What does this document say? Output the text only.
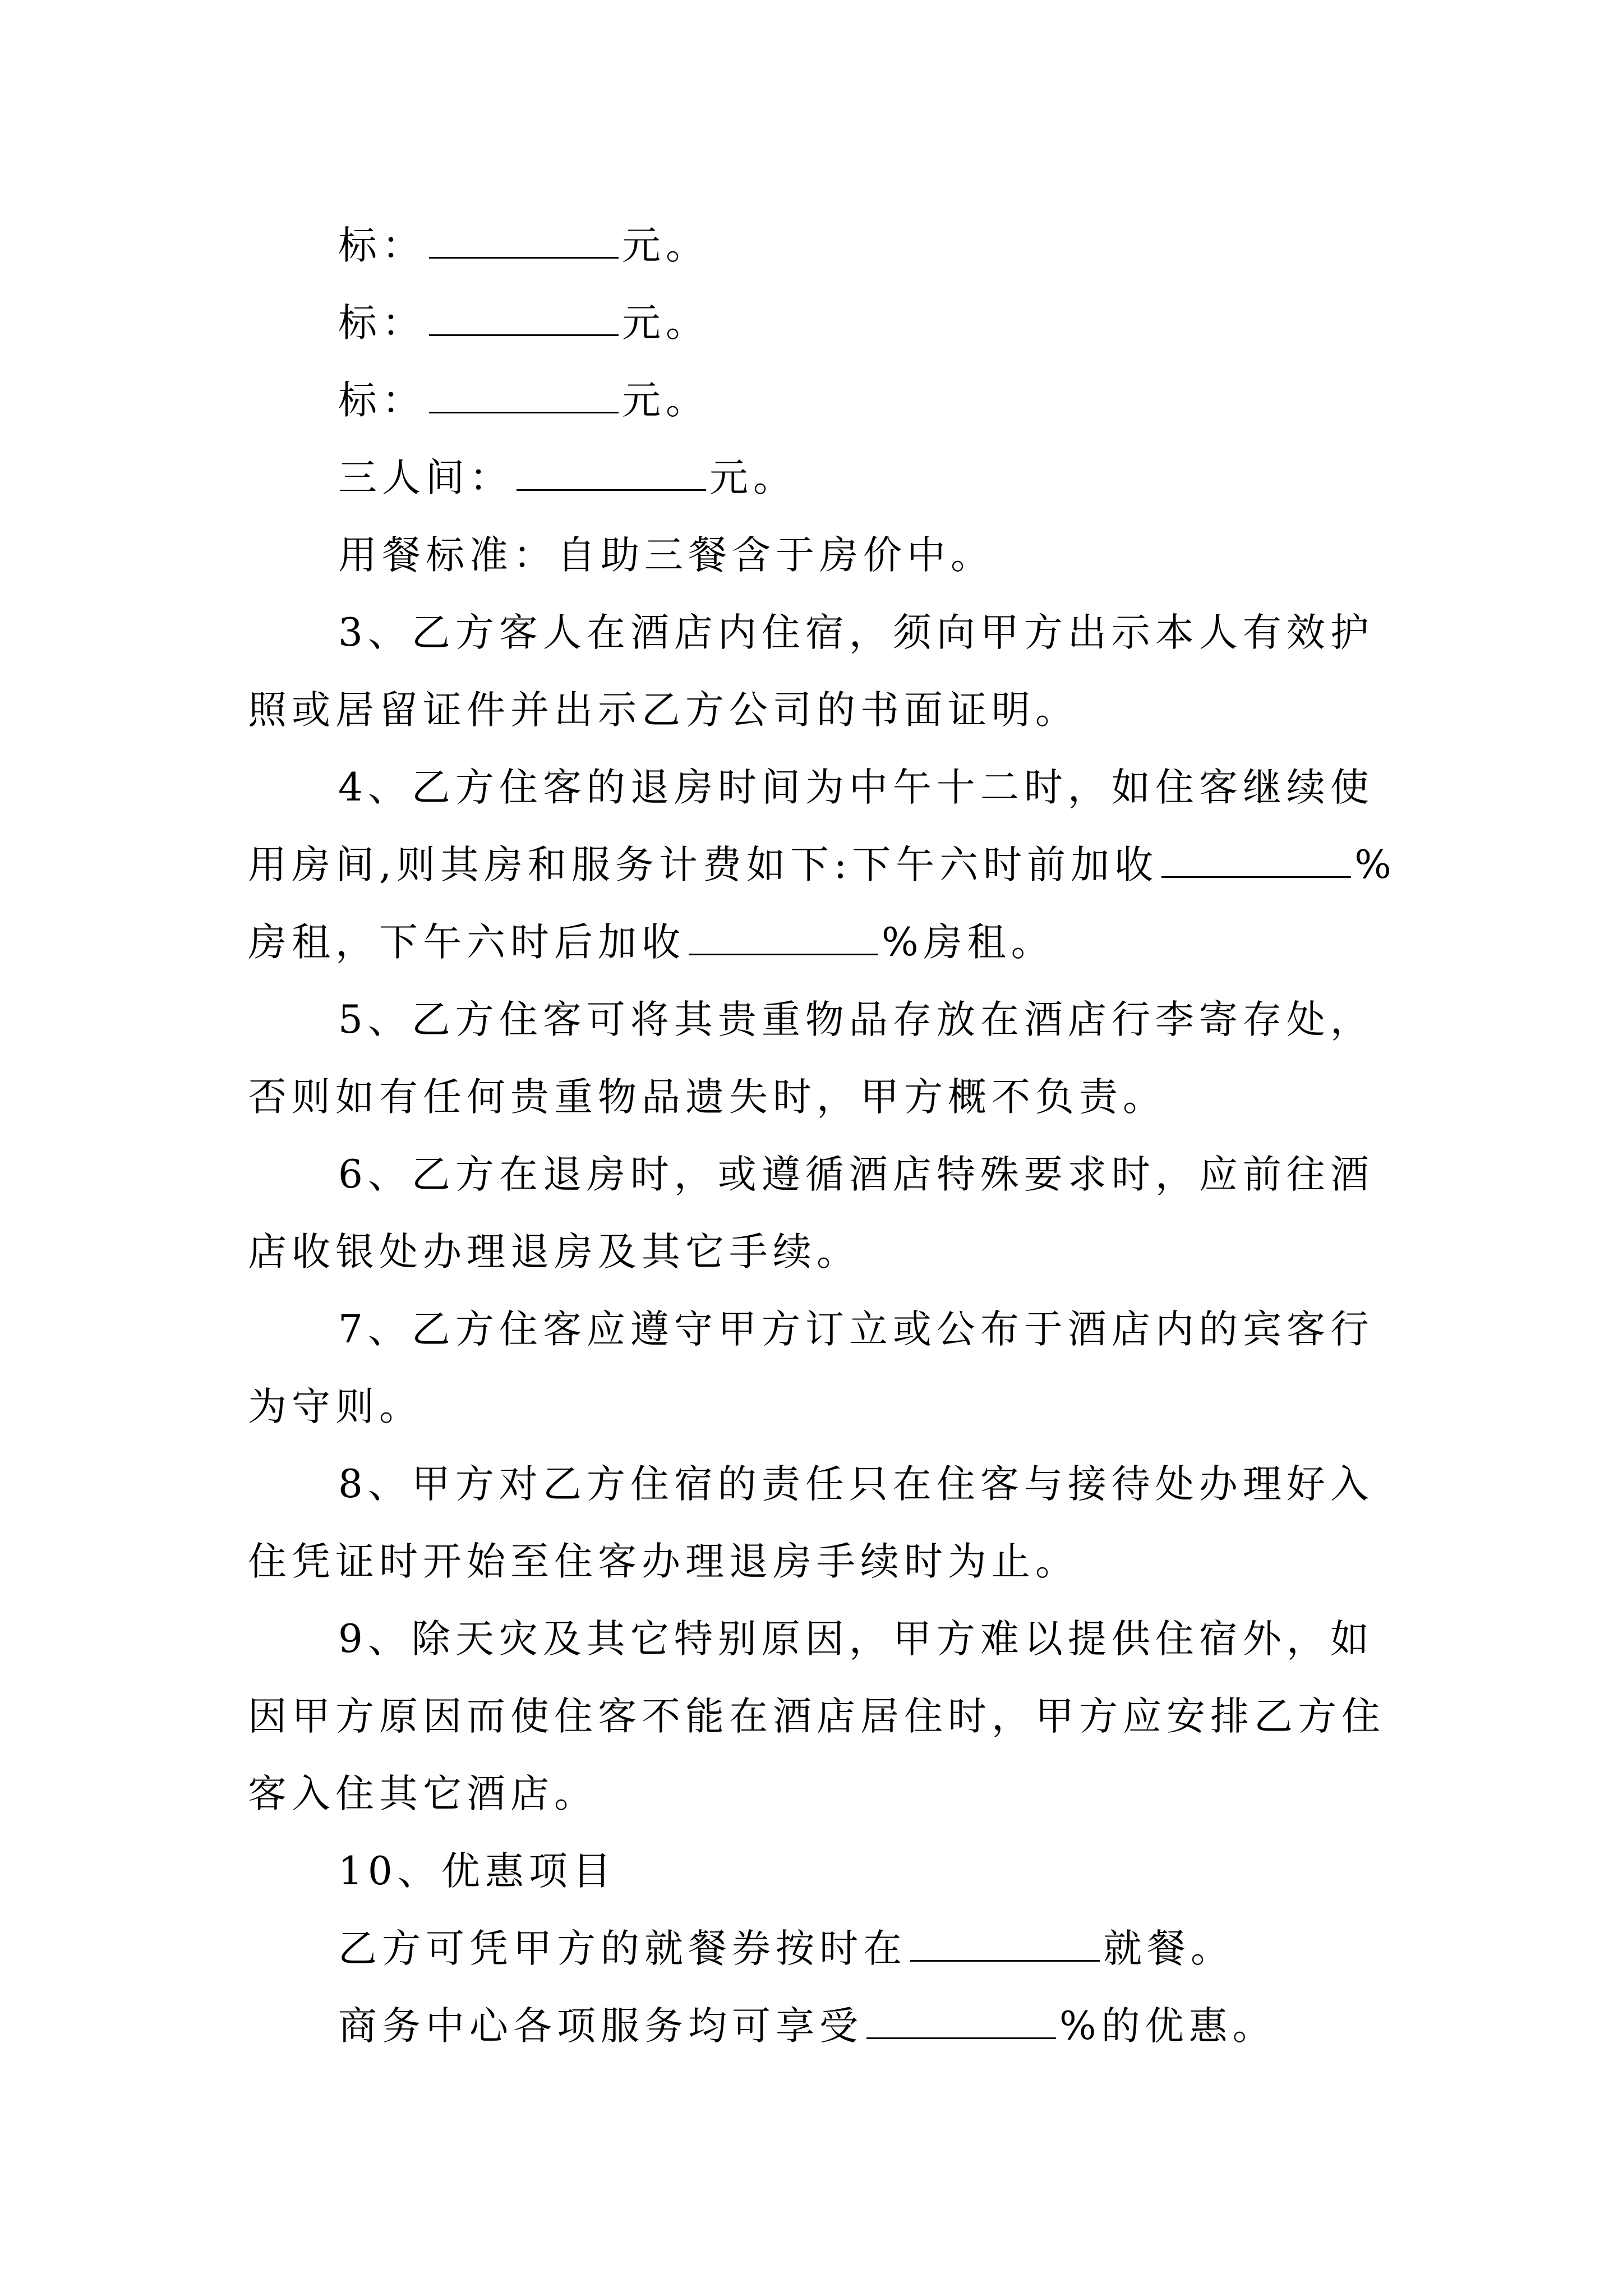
标：	元。
标：	元。
标：	元。
三人间：	元。
用餐标准：自助三餐含于房价中。
3、乙方客人在酒店内住宿，须向甲方出示本人有效护
照或居留证件并出示乙方公司的书面证明。
4、乙方住客的退房时间为中午十二时，如住客继续使
用房间,则其房和服务计费如下:下午六时前加收	%
房租，下午六时后加收	%房租。
5、乙方住客可将其贵重物品存放在酒店行李寄存处，
否则如有任何贵重物品遗失时，甲方概不负责。
6、乙方在退房时，或遵循酒店特殊要求时，应前往酒
店收银处办理退房及其它手续。
7、乙方住客应遵守甲方订立或公布于酒店内的宾客行
为守则。
8、甲方对乙方住宿的责任只在住客与接待处办理好入
住凭证时开始至住客办理退房手续时为止。
9、除天灾及其它特别原因，甲方难以提供住宿外，如
因甲方原因而使住客不能在酒店居住时，甲方应安排乙方住
客入住其它酒店。
10、优惠项目
乙方可凭甲方的就餐券按时在	就餐。
商务中心各项服务均可享受	%的优惠。
